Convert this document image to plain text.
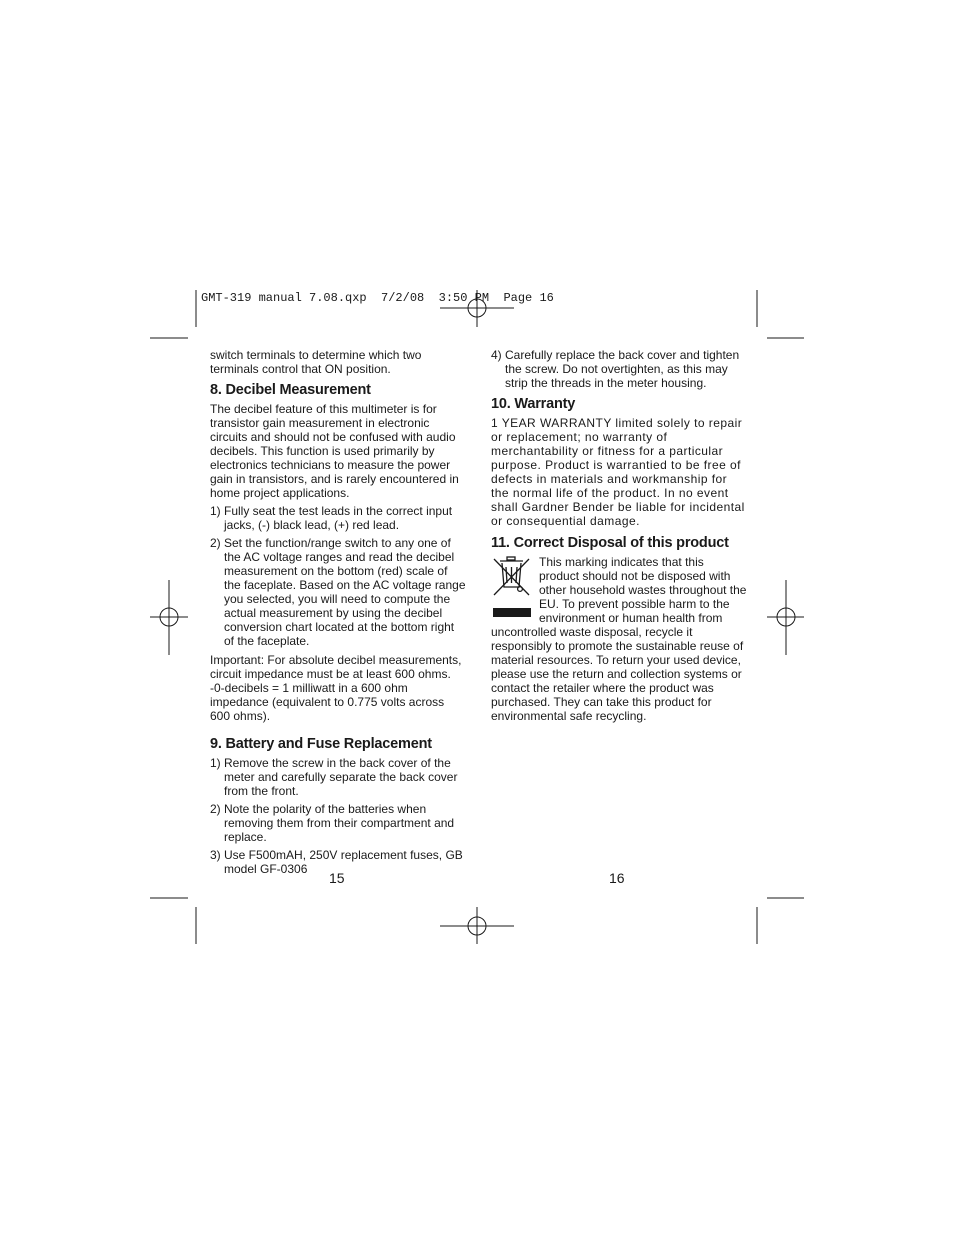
GMT-319 manual 7.08.qxp  7/2/08  3:50 PM  Page 16

switch terminals to determine which two terminals control that ON position.

8. Decibel Measurement

The decibel feature of this multimeter is for transistor gain measurement in electronic circuits and should not be confused with audio decibels. This function is used primarily by electronics technicians to measure the power gain in transistors, and is rarely encountered in home project applications.

1) Fully seat the test leads in the correct input jacks, (-) black lead, (+) red lead.
2) Set the function/range switch to any one of the AC voltage ranges and read the decibel measurement on the bottom (red) scale of the faceplate. Based on the AC voltage range you selected, you will need to compute the actual measurement by using the decibel conversion chart located at the bottom right of the faceplate.

Important: For absolute decibel measurements, circuit impedance must be at least 600 ohms. -0-decibels = 1 milliwatt in a 600 ohm impedance (equivalent to 0.775 volts across 600 ohms).

9. Battery and Fuse Replacement
1) Remove the screw in the back cover of the meter and carefully separate the back cover from the front.
2) Note the polarity of the batteries when removing them from their compartment and replace.
3) Use F500mAH, 250V replacement fuses, GB model GF-0306
15
4) Carefully replace the back cover and tighten the screw. Do not overtighten, as this may strip the threads in the meter housing.
10. Warranty

1 YEAR WARRANTY limited solely to repair or replacement; no warranty of merchantability or fitness for a particular purpose. Product is warrantied to be free of defects in materials and workmanship for the normal life of the product. In no event shall Gardner Bender be liable for incidental or consequential damage.

11. Correct Disposal of this product

This marking indicates that this product should not be disposed with other household wastes throughout the EU. To prevent possible harm to the environment or human health from uncontrolled waste disposal, recycle it responsibly to promote the sustainable reuse of material resources. To return your used device, please use the return and collection systems or contact the retailer where the product was purchased. They can take this product for environmental safe recycling.

16
